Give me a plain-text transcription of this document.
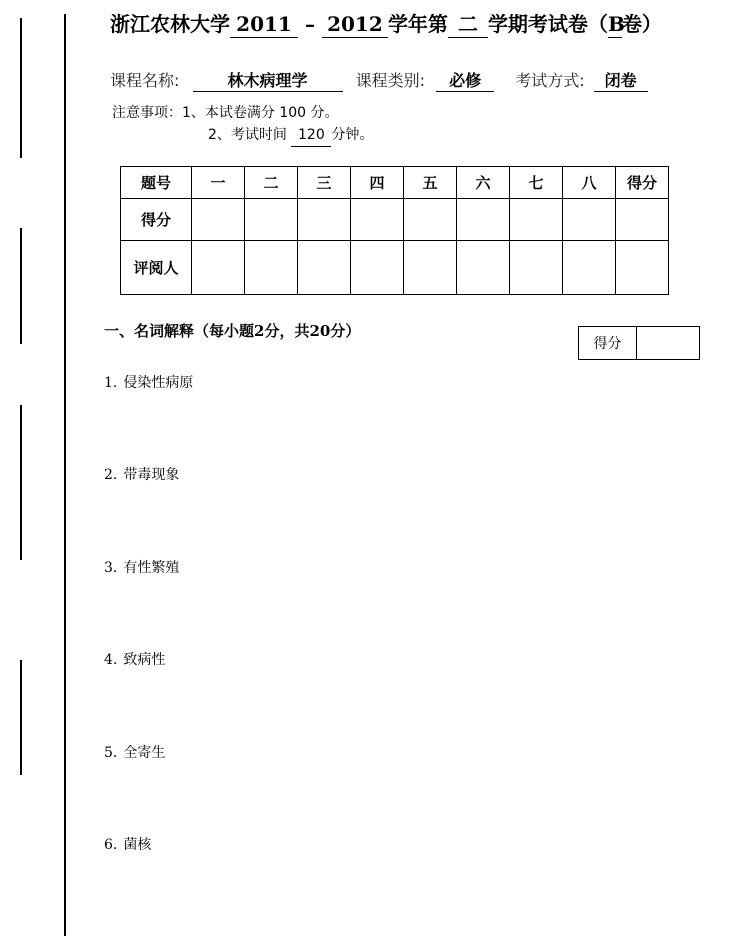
浙江农林大学 2011 – 2012 学年第 二 学期考试卷（B卷）
课程名称:	林木病理学	课程类别: 必修 考试方式: 闭卷
注意事项：1、本试卷满分 100 分。
2、考试时间 120 分钟。
题号	一	二	三	四	五	六	七	八	得分
得分									
评阅人									
一、名词解释（每小题2分，共20分）
得分	
1. 侵染性病原
2. 带毒现象
3. 有性繁殖
4. 致病性
5. 全寄生
6. 菌核
